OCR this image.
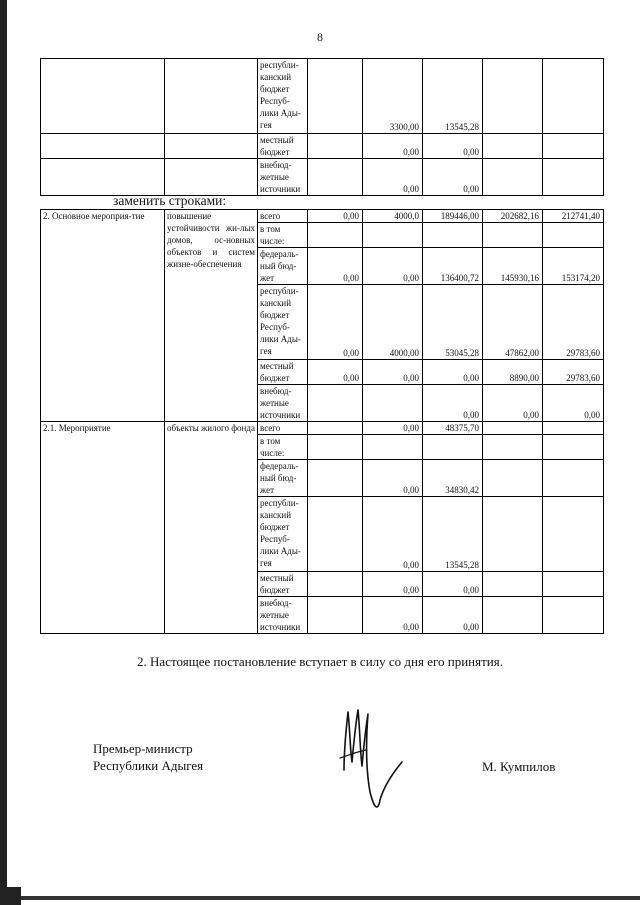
8
		республи-канский бюджет Респуб-лики Ады-гея		3300,00	13545,28		
		местный бюджет		0,00	0,00		
		внебюд-жетные источники		0,00	0,00		
заменить строками:
2. Основное мероприя-тие	повышение устойчивости жи-лых домов, ос-новных объектов и систем жизне-обеспечения	всего	0,00	4000,0	189446,00	202682,16	212741,40
		в том числе:					
		федераль-ный бюд-жет	0,00	0,00	136400,72	145930,16	153174,20
		республи-канский бюджет Респуб-лики Ады-гея	0,00	4000,00	53045,28	47862,00	29783,60
		местный бюджет	0,00	0,00	0,00	8890,00	29783,60
		внебюд-жетные источники			0,00	0,00	0,00
2.1. Мероприятие	объекты жилого фонда	всего		0,00	48375,70		
		в том числе:					
		федераль-ный бюд-жет		0,00	34830,42		
		республи-канский бюджет Респуб-лики Ады-гея		0,00	13545,28		
		местный бюджет		0,00	0,00		
		внебюд-жетные источники		0,00	0,00		
2. Настоящее постановление вступает в силу со дня его принятия.
Премьер-министр
Республики Адыгея	М. Кумпилов
